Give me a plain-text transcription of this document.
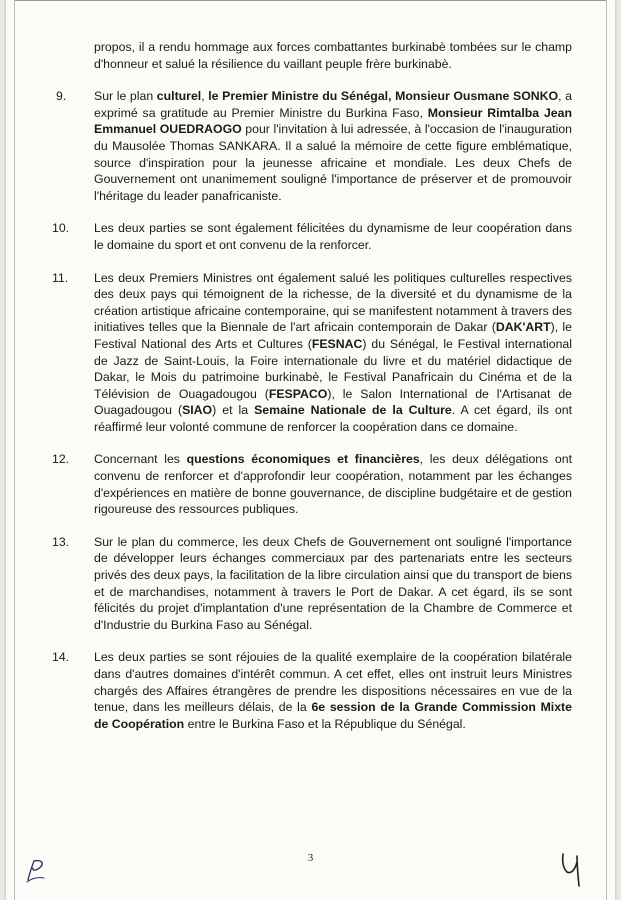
propos, il a rendu hommage aux forces combattantes burkinabè tombées sur le champ d'honneur et salué la résilience du vaillant peuple frère burkinabè.

9.	Sur le plan culturel, le Premier Ministre du Sénégal, Monsieur Ousmane SONKO, a exprimé sa gratitude au Premier Ministre du Burkina Faso, Monsieur Rimtalba Jean Emmanuel OUEDRAOGO pour l'invitation à lui adressée, à l'occasion de l'inauguration du Mausolée Thomas SANKARA. Il a salué la mémoire de cette figure emblématique, source d'inspiration pour la jeunesse africaine et mondiale. Les deux Chefs de Gouvernement ont unanimement souligné l'importance de préserver et de promouvoir l'héritage du leader panafricaniste.

10.	Les deux parties se sont également félicitées du dynamisme de leur coopération dans le domaine du sport et ont convenu de la renforcer.

11.	Les deux Premiers Ministres ont également salué les politiques culturelles respectives des deux pays qui témoignent de la richesse, de la diversité et du dynamisme de la création artistique africaine contemporaine, qui se manifestent notamment à travers des initiatives telles que la Biennale de l'art africain contemporain de Dakar (DAK'ART), le Festival National des Arts et Cultures (FESNAC) du Sénégal, le Festival international de Jazz de Saint-Louis, la Foire internationale du livre et du matériel didactique de Dakar, le Mois du patrimoine burkinabè, le Festival Panafricain du Cinéma et de la Télévision de Ouagadougou (FESPACO), le Salon International de l'Artisanat de Ouagadougou (SIAO) et la Semaine Nationale de la Culture. A cet égard, ils ont réaffirmé leur volonté commune de renforcer la coopération dans ce domaine.

12.	Concernant les questions économiques et financières, les deux délégations ont convenu de renforcer et d'approfondir leur coopération, notamment par les échanges d'expériences en matière de bonne gouvernance, de discipline budgétaire et de gestion rigoureuse des ressources publiques.

13.	Sur le plan du commerce, les deux Chefs de Gouvernement ont souligné l'importance de développer leurs échanges commerciaux par des partenariats entre les secteurs privés des deux pays, la facilitation de la libre circulation ainsi que du transport de biens et de marchandises, notamment à travers le Port de Dakar. A cet égard, ils se sont félicités du projet d'implantation d'une représentation de la Chambre de Commerce et d'Industrie du Burkina Faso au Sénégal.

14.	Les deux parties se sont réjouies de la qualité exemplaire de la coopération bilatérale dans d'autres domaines d'intérêt commun. A cet effet, elles ont instruit leurs Ministres chargés des Affaires étrangères de prendre les dispositions nécessaires en vue de la tenue, dans les meilleurs délais, de la 6e session de la Grande Commission Mixte de Coopération entre le Burkina Faso et la République du Sénégal.

3
